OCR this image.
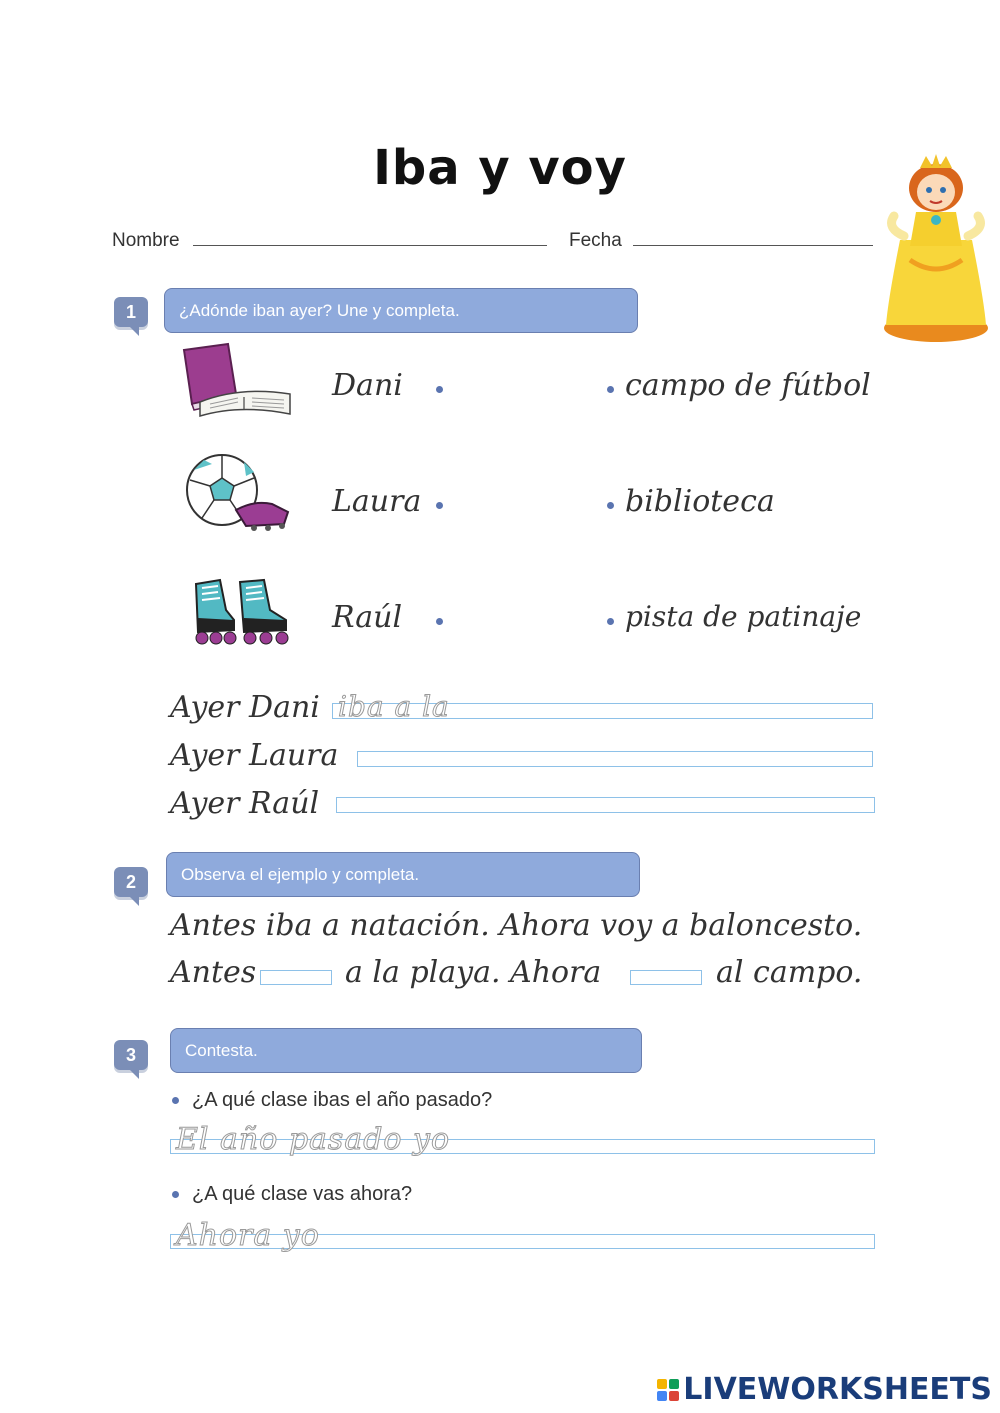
Iba y voy
Nombre	Fecha
1	¿Adónde iban ayer? Une y completa.
Dani
Laura
Raúl
campo de fútbol
biblioteca
pista de patinaje
Ayer Dani iba a la
Ayer Laura
Ayer Raúl
2	Observa el ejemplo y completa.
Antes iba a natación. Ahora voy a baloncesto.
Antes	a la playa. Ahora	al campo.
3	Contesta.
¿A qué clase ibas el año pasado?
El año pasado yo
¿A qué clase vas ahora?
Ahora yo
LIVEWORKSHEETS
